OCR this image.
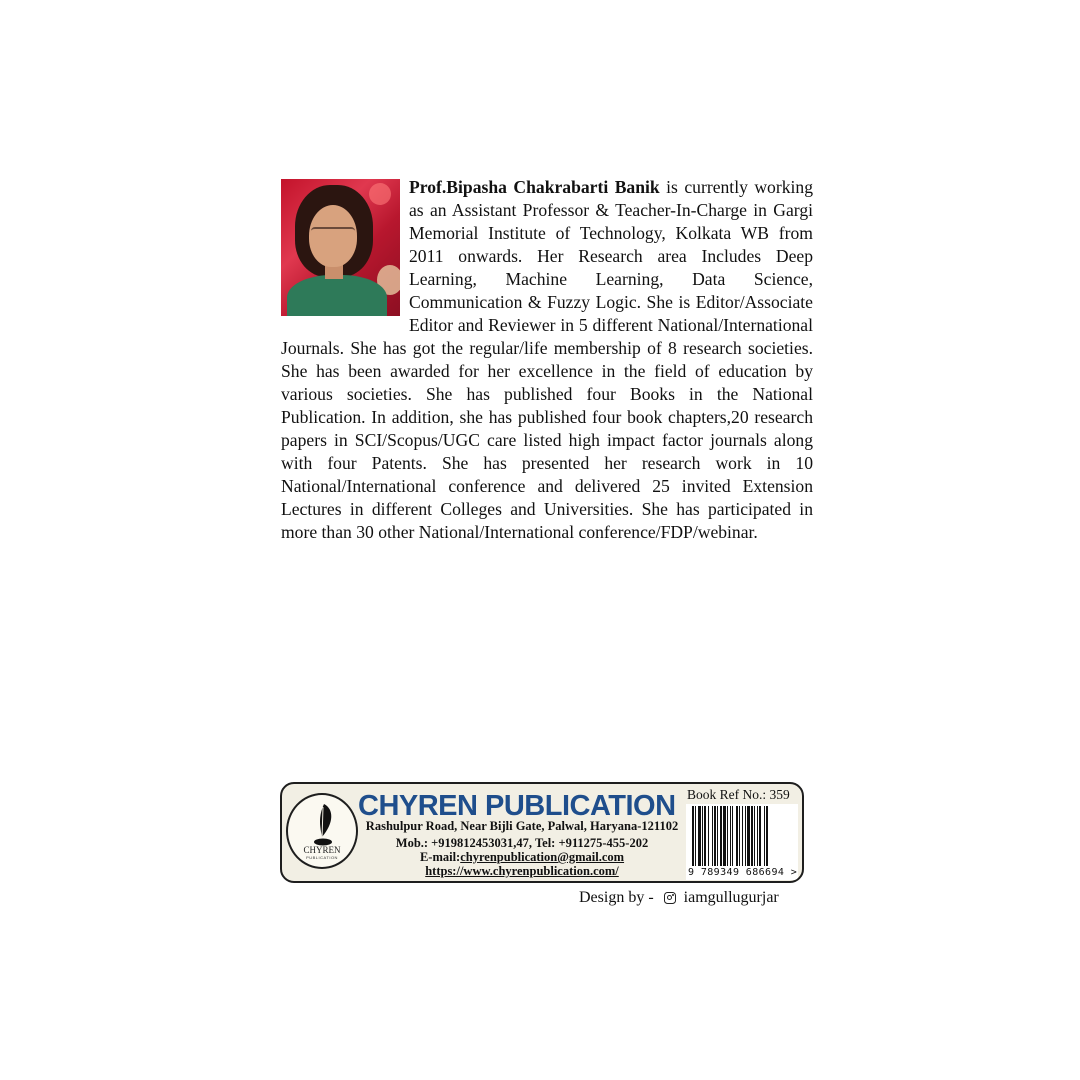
Prof.Bipasha Chakrabarti Banik is currently working as an Assistant Professor & Teacher-In-Charge in Gargi Memorial Institute of Technology, Kolkata WB from 2011 onwards. Her Research area Includes Deep Learning, Machine Learning, Data Science, Communication & Fuzzy Logic. She is Editor/Associate Editor and Reviewer in 5 different National/International Journals. She has got the regular/life membership of 8 research societies. She has been awarded for her excellence in the field of education by various societies. She has published four Books in the National Publication. In addition, she has published four book chapters,20 research papers in SCI/Scopus/UGC care listed high impact factor journals along with four Patents. She has presented her research work in 10 National/International conference and delivered 25 invited Extension Lectures in different Colleges and Universities. She has participated in more than 30 other National/International conference/FDP/webinar.

CHYREN
PUBLICATION
CHYREN PUBLICATION
Rashulpur Road, Near Bijli Gate, Palwal, Haryana-121102
Mob.: +919812453031,47, Tel: +911275-455-202
E-mail:chyrenpublication@gmail.com
https://www.chyrenpublication.com/
Book Ref No.: 359
9 789349 686694 >
Design by - iamgullugurjar
